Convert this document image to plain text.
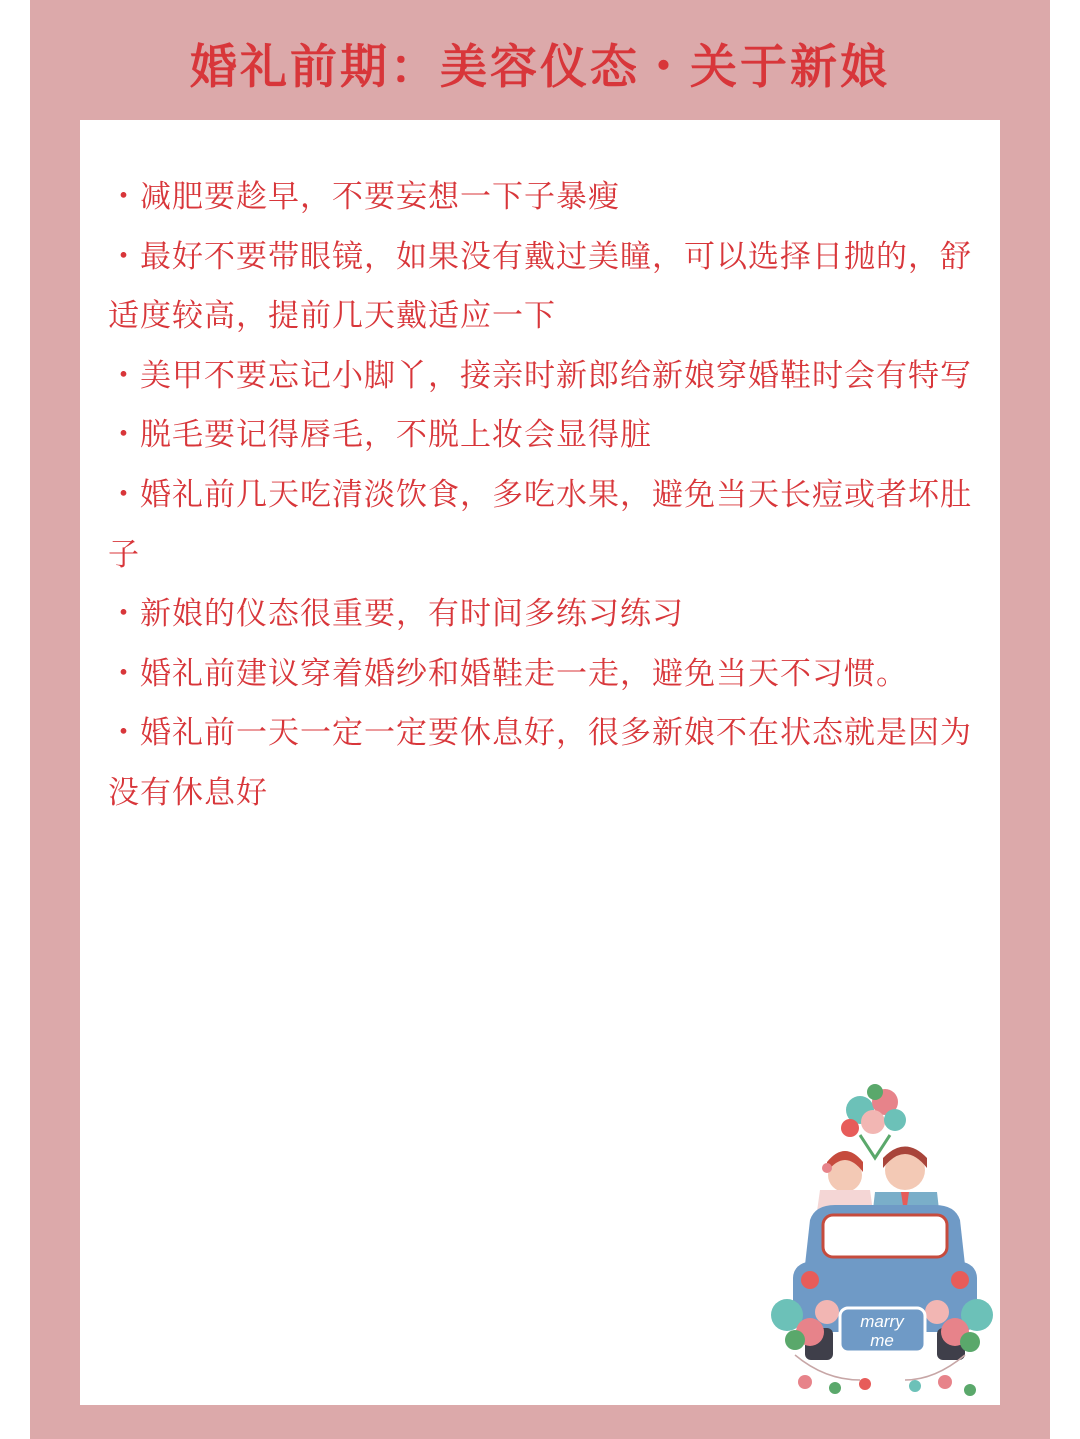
婚礼前期：美容仪态・关于新娘
・减肥要趁早，不要妄想一下子暴瘦
・最好不要带眼镜，如果没有戴过美瞳，可以选择日抛的，舒适度较高，提前几天戴适应一下
・美甲不要忘记小脚丫，接亲时新郎给新娘穿婚鞋时会有特写
・脱毛要记得唇毛，不脱上妆会显得脏
・婚礼前几天吃清淡饮食，多吃水果，避免当天长痘或者坏肚子
・新娘的仪态很重要，有时间多练习练习
・婚礼前建议穿着婚纱和婚鞋走一走，避免当天不习惯。
・婚礼前一天一定一定要休息好，很多新娘不在状态就是因为没有休息好
marry
me
